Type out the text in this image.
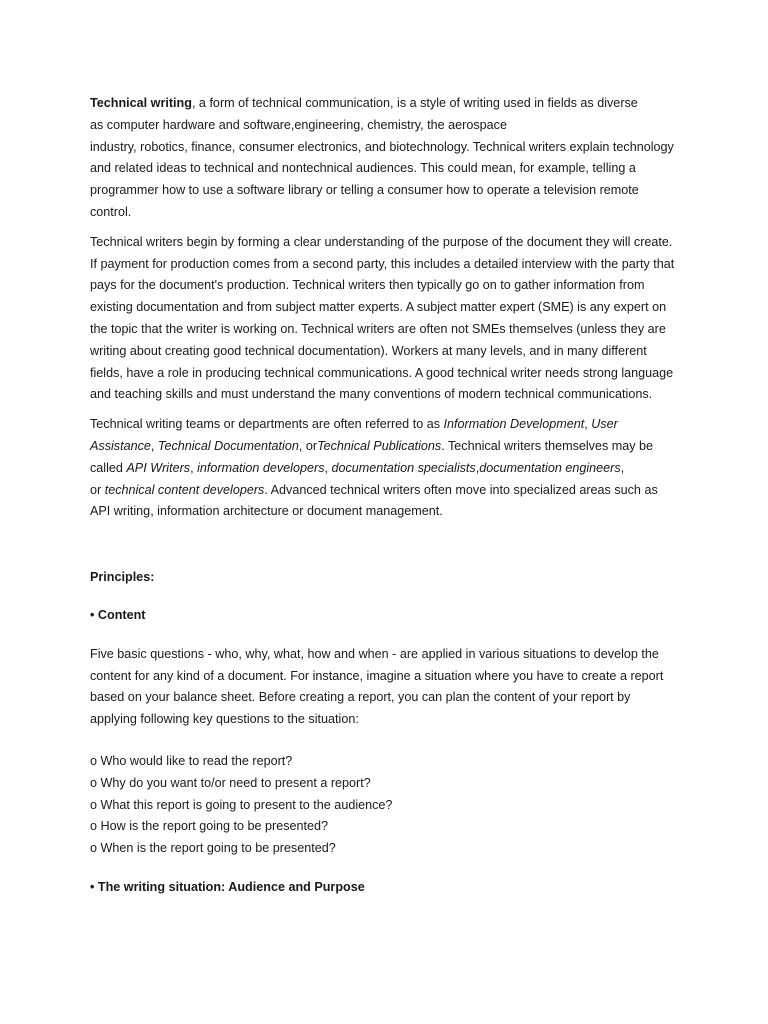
Technical writing, a form of technical communication, is a style of writing used in fields as diverse
as computer hardware and software,engineering, chemistry, the aerospace
industry, robotics, finance, consumer electronics, and biotechnology. Technical writers explain technology
and related ideas to technical and nontechnical audiences. This could mean, for example, telling a
programmer how to use a software library or telling a consumer how to operate a television remote
control.

Technical writers begin by forming a clear understanding of the purpose of the document they will create.
If payment for production comes from a second party, this includes a detailed interview with the party that
pays for the document's production. Technical writers then typically go on to gather information from
existing documentation and from subject matter experts. A subject matter expert (SME) is any expert on
the topic that the writer is working on. Technical writers are often not SMEs themselves (unless they are
writing about creating good technical documentation). Workers at many levels, and in many different
fields, have a role in producing technical communications. A good technical writer needs strong language
and teaching skills and must understand the many conventions of modern technical communications.

Technical writing teams or departments are often referred to as Information Development, User
Assistance, Technical Documentation, orTechnical Publications. Technical writers themselves may be
called API Writers, information developers, documentation specialists,documentation engineers,
or technical content developers. Advanced technical writers often move into specialized areas such as
API writing, information architecture or document management.

Principles:

• Content

Five basic questions - who, why, what, how and when - are applied in various situations to develop the
content for any kind of a document. For instance, imagine a situation where you have to create a report
based on your balance sheet. Before creating a report, you can plan the content of your report by
applying following key questions to the situation:

o Who would like to read the report?
o Why do you want to/or need to present a report?
o What this report is going to present to the audience?
o How is the report going to be presented?
o When is the report going to be presented?

• The writing situation: Audience and Purpose
